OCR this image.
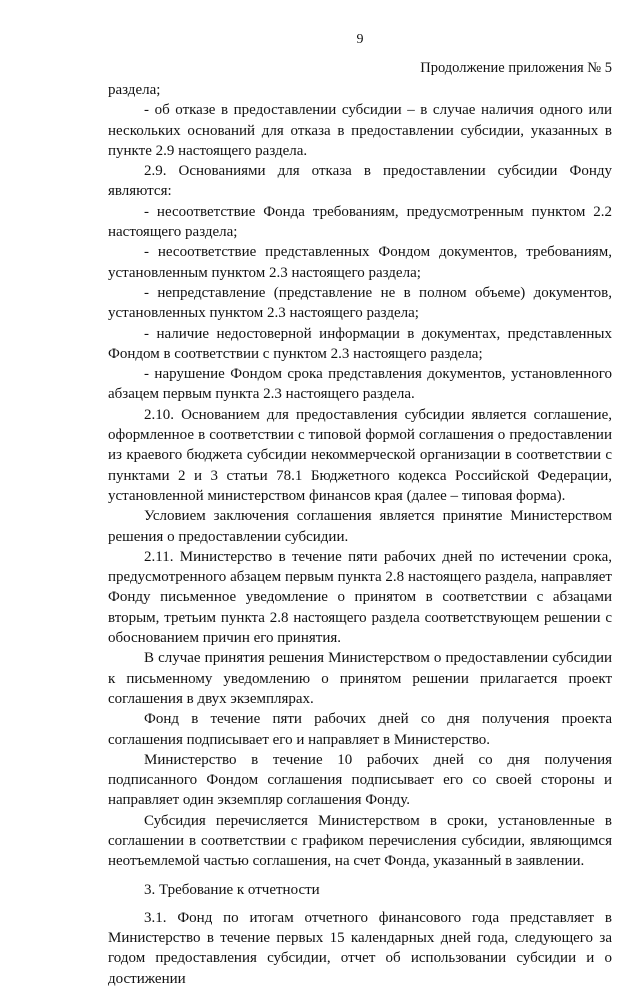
9
Продолжение приложения № 5

раздела;

- об отказе в предоставлении субсидии – в случае наличия одного или нескольких оснований для отказа в предоставлении субсидии, указанных в пункте 2.9 настоящего раздела.

2.9. Основаниями для отказа в предоставлении субсидии Фонду являются:

- несоответствие Фонда требованиям, предусмотренным пунктом 2.2 настоящего раздела;

- несоответствие представленных Фондом документов, требованиям, установленным пунктом 2.3 настоящего раздела;

- непредставление (представление не в полном объеме) документов, установленных пунктом 2.3 настоящего раздела;

- наличие недостоверной информации в документах, представленных Фондом в соответствии с пунктом 2.3 настоящего раздела;

- нарушение Фондом срока представления документов, установленного абзацем первым пункта 2.3 настоящего раздела.

2.10. Основанием для предоставления субсидии является соглашение, оформленное в соответствии с типовой формой соглашения о предоставлении из краевого бюджета субсидии некоммерческой организации в соответствии с пунктами 2 и 3 статьи 78.1 Бюджетного кодекса Российской Федерации, установленной министерством финансов края (далее – типовая форма).

Условием заключения соглашения является принятие Министерством решения о предоставлении субсидии.

2.11. Министерство в течение пяти рабочих дней по истечении срока, предусмотренного абзацем первым пункта 2.8 настоящего раздела, направляет Фонду письменное уведомление о принятом в соответствии с абзацами вторым, третьим пункта 2.8 настоящего раздела соответствующем решении с обоснованием причин его принятия.

В случае принятия решения Министерством о предоставлении субсидии к письменному уведомлению о принятом решении прилагается проект соглашения в двух экземплярах.

Фонд в течение пяти рабочих дней со дня получения проекта соглашения подписывает его и направляет в Министерство.

Министерство в течение 10 рабочих дней со дня получения подписанного Фондом соглашения подписывает его со своей стороны и направляет один экземпляр соглашения Фонду.

Субсидия перечисляется Министерством в сроки, установленные в соглашении в соответствии с графиком перечисления субсидии, являющимся неотъемлемой частью соглашения, на счет Фонда, указанный в заявлении.

3. Требование к отчетности

3.1. Фонд по итогам отчетного финансового года представляет в Министерство в течение первых 15 календарных дней года, следующего за годом предоставления субсидии, отчет об использовании субсидии и о достижении
